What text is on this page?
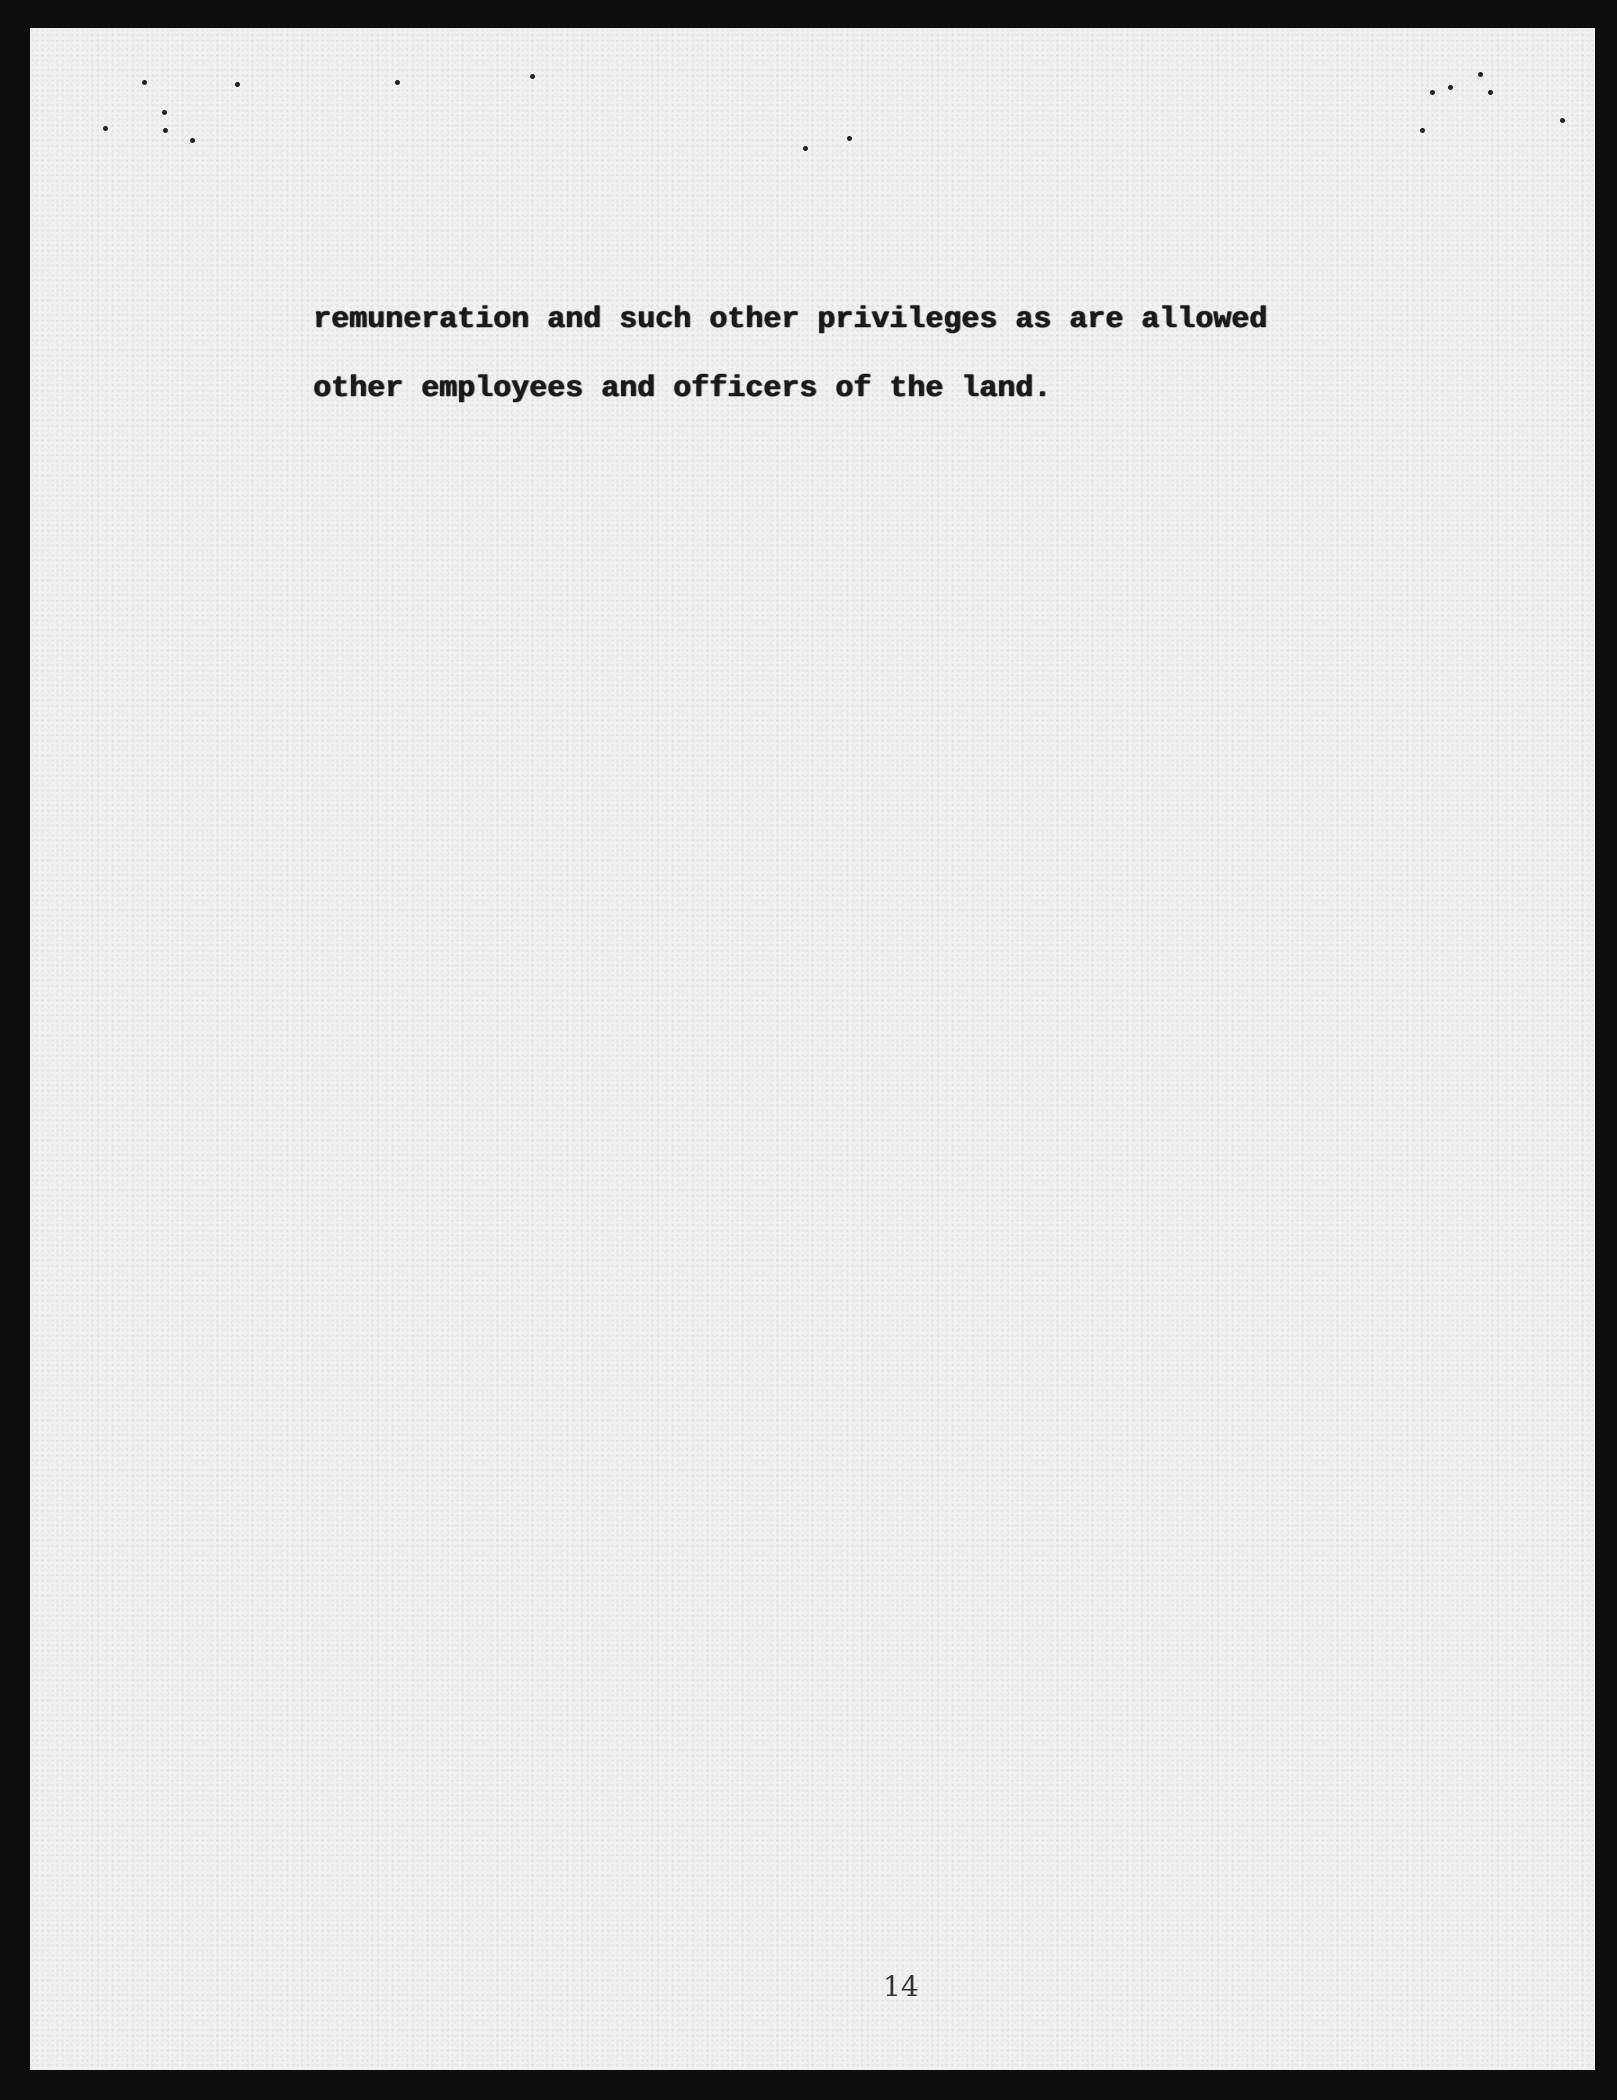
remuneration and such other privileges as are allowed
other employees and officers of the land.
14
